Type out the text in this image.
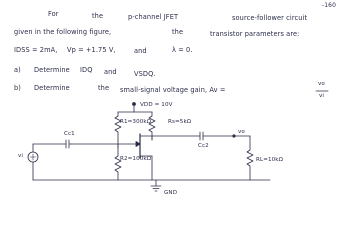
-160
For	the	p-channel JFET	source-follower circuit
given in the following figure,	the	transistor parameters are:
IDSS = 2mA, Vp = +1.75 V,	and	λ = 0.
a) Determine IDQ and	VSDQ.
b) Determine	the small-signal voltage gain, Av =
vo
vi
VDD = 10V
R1=300kΩ	Rs=5kΩ
R2=100kΩ	RL=10kΩ
Cc1
Cc2
vi
vo
GND
